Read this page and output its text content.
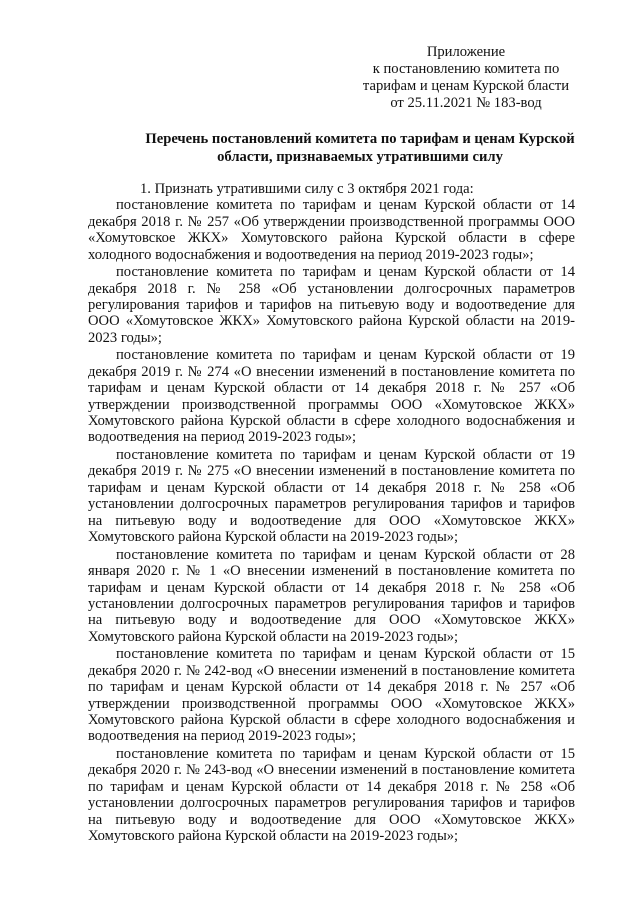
Приложение
к постановлению комитета по
тарифам и ценам Курской бласти
от 25.11.2021 № 183-вод
Перечень постановлений комитета по тарифам и ценам Курской
области, признаваемых утратившими силу
1. Признать утратившими силу с 3 октября 2021 года:

постановление комитета по тарифам и ценам Курской области от 14 декабря 2018 г. № 257 «Об утверждении производственной программы ООО «Хомутовское ЖКХ» Хомутовского района Курской области в сфере холодного водоснабжения и водоотведения на период 2019-2023 годы»;

постановление комитета по тарифам и ценам Курской области от 14 декабря 2018 г. № 258 «Об установлении долгосрочных параметров регулирования тарифов и тарифов на питьевую воду и водоотведение для ООО «Хомутовское ЖКХ» Хомутовского района Курской области на 2019-2023 годы»;

постановление комитета по тарифам и ценам Курской области от 19 декабря 2019 г. № 274 «О внесении изменений в постановление комитета по тарифам и ценам Курской области от 14 декабря 2018 г. № 257 «Об утверждении производственной программы ООО «Хомутовское ЖКХ» Хомутовского района Курской области в сфере холодного водоснабжения и водоотведения на период 2019-2023 годы»;

постановление комитета по тарифам и ценам Курской области от 19 декабря 2019 г. № 275 «О внесении изменений в постановление комитета по тарифам и ценам Курской области от 14 декабря 2018 г. № 258 «Об установлении долгосрочных параметров регулирования тарифов и тарифов на питьевую воду и водоотведение для ООО «Хомутовское ЖКХ» Хомутовского района Курской области на 2019-2023 годы»;

постановление комитета по тарифам и ценам Курской области от 28 января 2020 г. № 1 «О внесении изменений в постановление комитета по тарифам и ценам Курской области от 14 декабря 2018 г. № 258 «Об установлении долгосрочных параметров регулирования тарифов и тарифов на питьевую воду и водоотведение для ООО «Хомутовское ЖКХ» Хомутовского района Курской области на 2019-2023 годы»;

постановление комитета по тарифам и ценам Курской области от 15 декабря 2020 г. № 242-вод «О внесении изменений в постановление комитета по тарифам и ценам Курской области от 14 декабря 2018 г. № 257 «Об утверждении производственной программы ООО «Хомутовское ЖКХ» Хомутовского района Курской области в сфере холодного водоснабжения и водоотведения на период 2019-2023 годы»;

постановление комитета по тарифам и ценам Курской области от 15 декабря 2020 г. № 243-вод «О внесении изменений в постановление комитета по тарифам и ценам Курской области от 14 декабря 2018 г. № 258 «Об установлении долгосрочных параметров регулирования тарифов и тарифов на питьевую воду и водоотведение для ООО «Хомутовское ЖКХ» Хомутовского района Курской области на 2019-2023 годы»;
